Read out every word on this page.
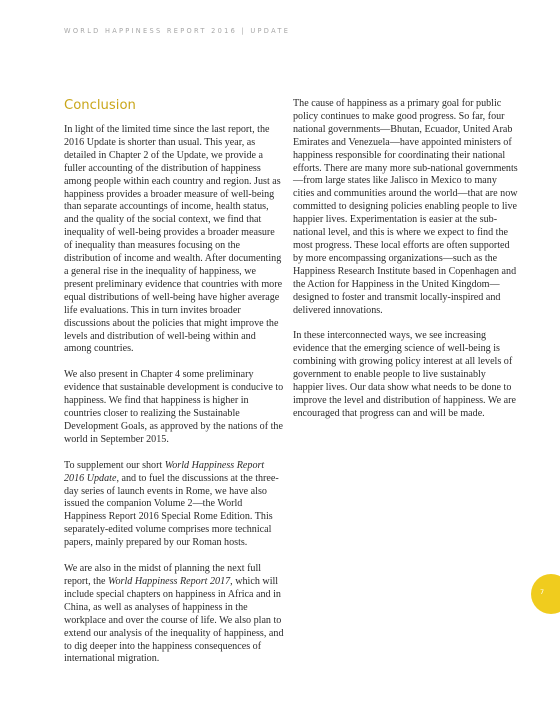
WORLD HAPPINESS REPORT 2016 | UPDATE
Conclusion

In light of the limited time since the last report, the 2016 Update is shorter than usual. This year, as detailed in Chapter 2 of the Update, we provide a fuller accounting of the distribution of happiness among people within each country and region. Just as happiness provides a broader measure of well-being than separate accountings of income, health status, and the quality of the social context, we find that inequality of well-being provides a broader measure of inequality than measures focusing on the distribution of income and wealth. After documenting a general rise in the inequality of happiness, we present preliminary evidence that countries with more equal distributions of well-being have higher average life evaluations. This in turn invites broader discussions about the policies that might improve the levels and distribution of well-being within and among countries.

We also present in Chapter 4 some preliminary evidence that sustainable development is conducive to happiness. We find that happiness is higher in countries closer to realizing the Sustainable Development Goals, as approved by the nations of the world in September 2015.

To supplement our short World Happiness Report 2016 Update, and to fuel the discussions at the three-day series of launch events in Rome, we have also issued the companion Volume 2—the World Happiness Report 2016 Special Rome Edition. This separately-edited volume comprises more technical papers, mainly prepared by our Roman hosts.

We are also in the midst of planning the next full report, the World Happiness Report 2017, which will include special chapters on happiness in Africa and in China, as well as analyses of happiness in the workplace and over the course of life. We also plan to extend our analysis of the inequality of happiness, and to dig deeper into the happiness consequences of international migration.

The cause of happiness as a primary goal for public policy continues to make good progress. So far, four national governments—Bhutan, Ecuador, United Arab Emirates and Venezuela—have appointed ministers of happiness responsible for coordinating their national efforts. There are many more sub-national governments—from large states like Jalisco in Mexico to many cities and communities around the world—that are now committed to designing policies enabling people to live happier lives. Experimentation is easier at the sub-national level, and this is where we expect to find the most progress. These local efforts are often supported by more encompassing organizations—such as the Happiness Research Institute based in Copenhagen and the Action for Happiness in the United Kingdom—designed to foster and transmit locally-inspired and delivered innovations.

In these interconnected ways, we see increasing evidence that the emerging science of well-being is combining with growing policy interest at all levels of government to enable people to live sustainably happier lives. Our data show what needs to be done to improve the level and distribution of happiness. We are encouraged that progress can and will be made.

7
